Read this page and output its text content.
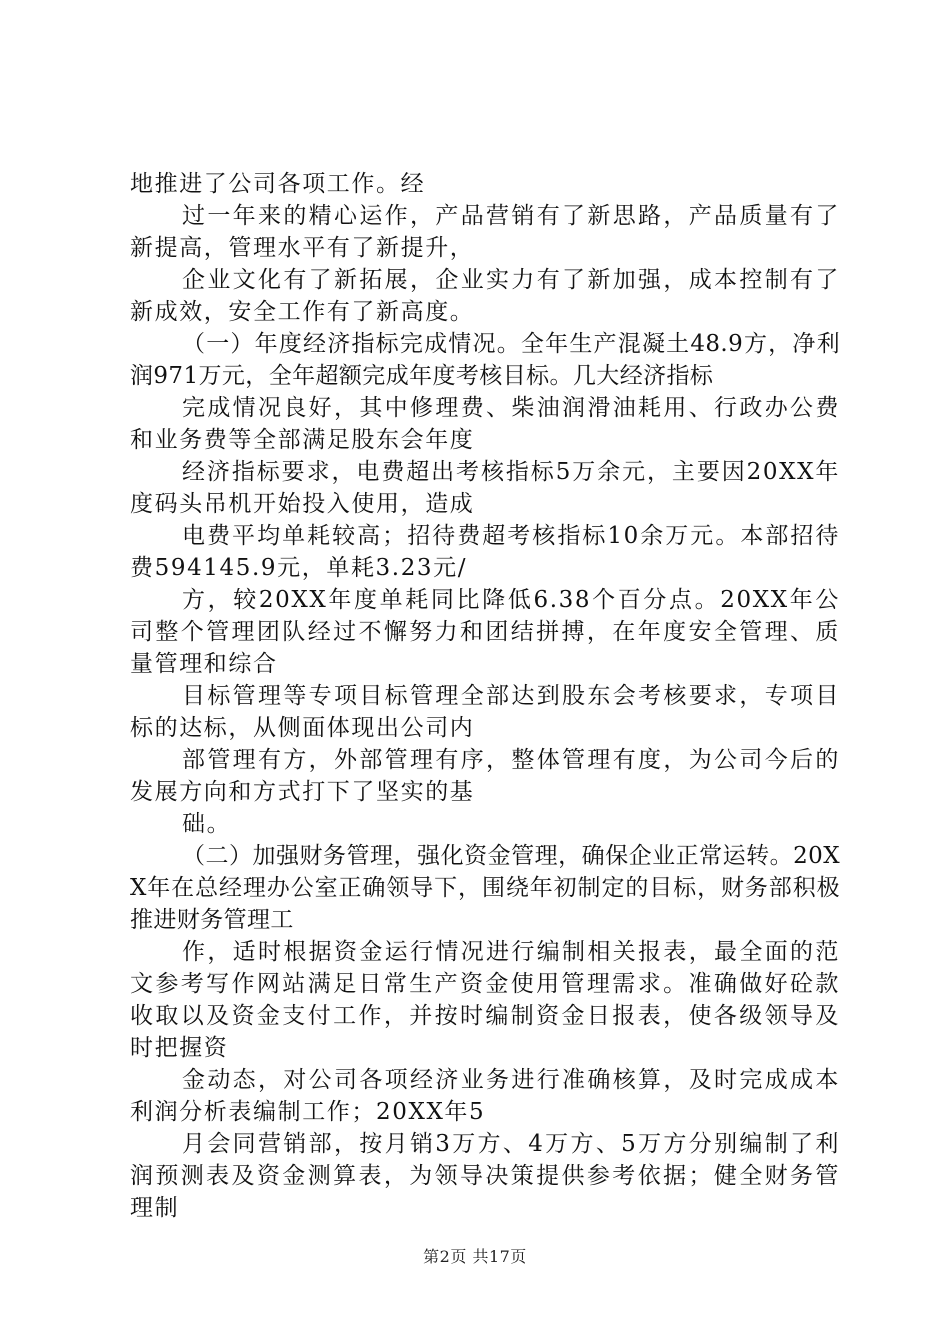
地推进了公司各项工作。经

过一年来的精心运作，产品营销有了新思路，产品质量有了新提高，管理水平有了新提升，

企业文化有了新拓展，企业实力有了新加强，成本控制有了新成效，安全工作有了新高度。

（一）年度经济指标完成情况。全年生产混凝土48.9方，净利润971万元，全年超额完成年度考核目标。几大经济指标

完成情况良好，其中修理费、柴油润滑油耗用、行政办公费和业务费等全部满足股东会年度

经济指标要求，电费超出考核指标5万余元，主要因20XX年度码头吊机开始投入使用，造成

电费平均单耗较高；招待费超考核指标10余万元。本部招待费594145.9元，单耗3.23元/

方，较20XX年度单耗同比降低6.38个百分点。20XX年公司整个管理团队经过不懈努力和团结拼搏，在年度安全管理、质量管理和综合

目标管理等专项目标管理全部达到股东会考核要求，专项目标的达标，从侧面体现出公司内

部管理有方，外部管理有序，整体管理有度，为公司今后的发展方向和方式打下了坚实的基

础。

（二）加强财务管理，强化资金管理，确保企业正常运转。20XX年在总经理办公室正确领导下，围绕年初制定的目标，财务部积极推进财务管理工

作，适时根据资金运行情况进行编制相关报表，最全面的范文参考写作网站满足日常生产资金使用管理需求。准确做好砼款收取以及资金支付工作，并按时编制资金日报表，使各级领导及时把握资

金动态，对公司各项经济业务进行准确核算，及时完成成本利润分析表编制工作；20XX年5

月会同营销部，按月销3万方、4万方、5万方分别编制了利润预测表及资金测算表，为领导决策提供参考依据；健全财务管理制

第2页 共17页
